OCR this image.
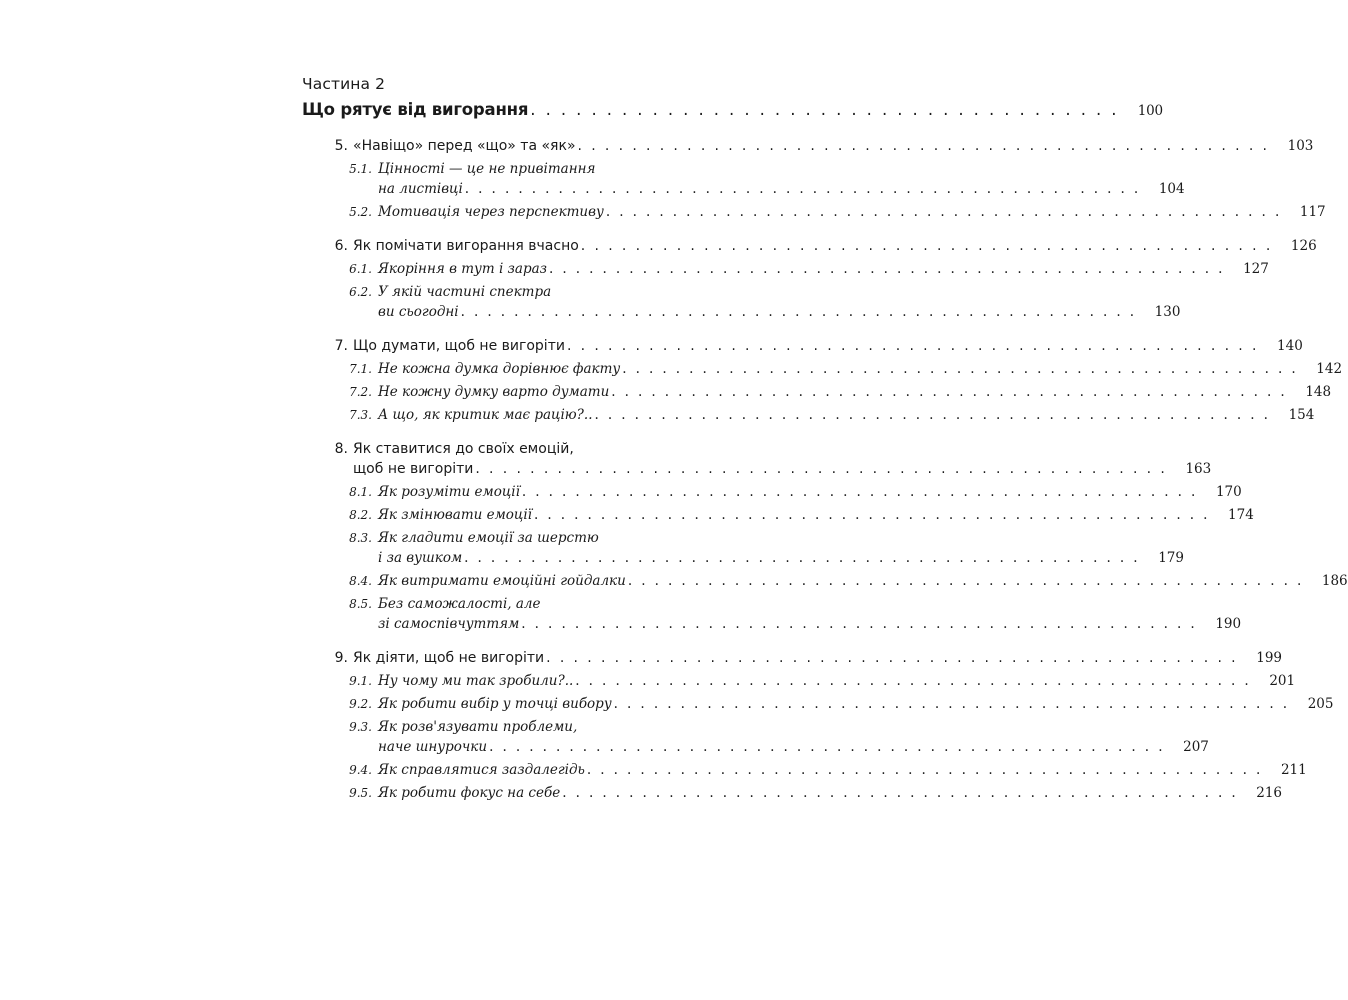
Частина 2
Що рятує від вигорання . . . . . . . . . . . . . . . . . . . . . . . . . . . . . . . . . . . . . . .	100
5. «Навіщо» перед «що» та «як» . . . . . . . . . . . . . . . . . . . . . . . . . . . . . . . . . . . . . . . . . . . . . . . . . . .	103
5.1. Цінності — це не привітання
на листівці . . . . . . . . . . . . . . . . . . . . . . . . . . . . . . . . . . . . . . . . . . . . . . . . . . .	104
5.2. Мотивація через перспективу . . . . . . . . . . . . . . . . . . . . . . . . . . . . . . . . . . . . . . . . . . . . . . . . . . .	117
6. Як помічати вигорання вчасно . . . . . . . . . . . . . . . . . . . . . . . . . . . . . . . . . . . . . . . . . . . . . . . . . . .	126
6.1. Якоріння в тут і зараз . . . . . . . . . . . . . . . . . . . . . . . . . . . . . . . . . . . . . . . . . . . . . . . . . . .	127
6.2. У якій частині спектра
ви сьогодні . . . . . . . . . . . . . . . . . . . . . . . . . . . . . . . . . . . . . . . . . . . . . . . . . . .	130
7. Що думати, щоб не вигоріти . . . . . . . . . . . . . . . . . . . . . . . . . . . . . . . . . . . . . . . . . . . . . . . . . . .	140
7.1. Не кожна думка дорівнює факту . . . . . . . . . . . . . . . . . . . . . . . . . . . . . . . . . . . . . . . . . . . . . . . . . . .	142
7.2. Не кожну думку варто думати . . . . . . . . . . . . . . . . . . . . . . . . . . . . . . . . . . . . . . . . . . . . . . . . . . .	148
7.3. А що, як критик має рацію?.. . . . . . . . . . . . . . . . . . . . . . . . . . . . . . . . . . . . . . . . . . . . . . . . . . . .	154
8. Як ставитися до своїх емоцій,
щоб не вигоріти . . . . . . . . . . . . . . . . . . . . . . . . . . . . . . . . . . . . . . . . . . . . . . . . . . .	163
8.1. Як розуміти емоції . . . . . . . . . . . . . . . . . . . . . . . . . . . . . . . . . . . . . . . . . . . . . . . . . . .	170
8.2. Як змінювати емоції . . . . . . . . . . . . . . . . . . . . . . . . . . . . . . . . . . . . . . . . . . . . . . . . . . .	174
8.3. Як гладити емоції за шерстю
і за вушком . . . . . . . . . . . . . . . . . . . . . . . . . . . . . . . . . . . . . . . . . . . . . . . . . . .	179
8.4. Як витримати емоційні гойдалки . . . . . . . . . . . . . . . . . . . . . . . . . . . . . . . . . . . . . . . . . . . . . . . . . . .	186
8.5. Без саможалості, але
зі самоспівчуттям . . . . . . . . . . . . . . . . . . . . . . . . . . . . . . . . . . . . . . . . . . . . . . . . . . .	190
9. Як діяти, щоб не вигоріти . . . . . . . . . . . . . . . . . . . . . . . . . . . . . . . . . . . . . . . . . . . . . . . . . . .	199
9.1. Ну чому ми так зробили?.. . . . . . . . . . . . . . . . . . . . . . . . . . . . . . . . . . . . . . . . . . . . . . . . . . . .	201
9.2. Як робити вибір у точці вибору . . . . . . . . . . . . . . . . . . . . . . . . . . . . . . . . . . . . . . . . . . . . . . . . . . .	205
9.3. Як розв'язувати проблеми,
наче шнурочки . . . . . . . . . . . . . . . . . . . . . . . . . . . . . . . . . . . . . . . . . . . . . . . . . . .	207
9.4. Як справлятися заздалегідь . . . . . . . . . . . . . . . . . . . . . . . . . . . . . . . . . . . . . . . . . . . . . . . . . . .	211
9.5. Як робити фокус на себе . . . . . . . . . . . . . . . . . . . . . . . . . . . . . . . . . . . . . . . . . . . . . . . . . . .	216
